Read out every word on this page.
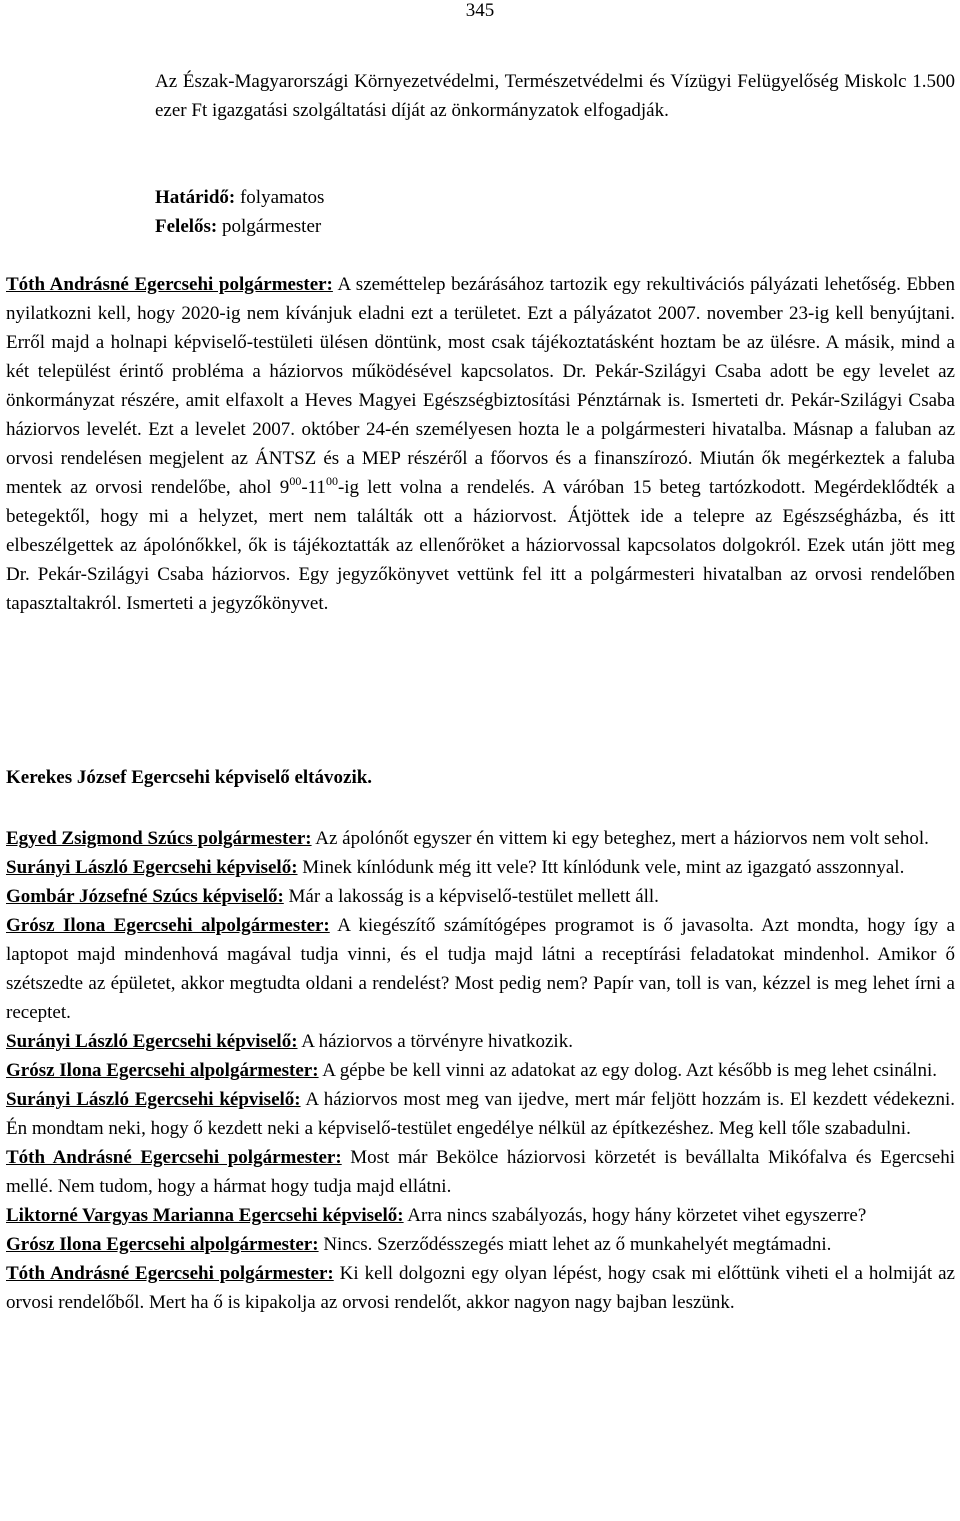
345
Az Észak-Magyarországi Környezetvédelmi, Természetvédelmi és Vízügyi Felügyelőség Miskolc 1.500 ezer Ft igazgatási szolgáltatási díját az önkormányzatok elfogadják.

Határidő: folyamatos

Felelős: polgármester

Tóth Andrásné Egercsehi polgármester: A szeméttelep bezárásához tartozik egy rekultivációs pályázati lehetőség. Ebben nyilatkozni kell, hogy 2020-ig nem kívánjuk eladni ezt a területet. Ezt a pályázatot 2007. november 23-ig kell benyújtani. Erről majd a holnapi képviselő-testületi ülésen döntünk, most csak tájékoztatásként hoztam be az ülésre. A másik, mind a két települést érintő probléma a háziorvos működésével kapcsolatos. Dr. Pekár-Szilágyi Csaba adott be egy levelet az önkormányzat részére, amit elfaxolt a Heves Magyei Egészségbiztosítási Pénztárnak is. Ismerteti dr. Pekár-Szilágyi Csaba háziorvos levelét. Ezt a levelet 2007. október 24-én személyesen hozta le a polgármesteri hivatalba. Másnap a faluban az orvosi rendelésen megjelent az ÁNTSZ és a MEP részéről a főorvos és a finanszírozó. Miután ők megérkeztek a faluba mentek az orvosi rendelőbe, ahol $9^{00}-11^{00}-ig$ lett volna a rendelés. A váróban 15 beteg tartózkodott. Megérdeklődték a betegektől, hogy mi a helyzet, mert nem találták ott a háziorvost. Átjöttek ide a telepre az Egészségházba, és itt elbeszélgettek az ápolónőkkel, ők is tájékoztatták az ellenőröket a háziorvossal kapcsolatos dolgokról. Ezek után jött meg Dr. Pekár-Szilágyi Csaba háziorvos. Egy jegyzőkönyvet vettünk fel itt a polgármesteri hivatalban az orvosi rendelőben tapasztaltakról. Ismerteti a jegyzőkönyvet.
Kerekes József Egercsehi képviselő eltávozik.

Egyed Zsigmond Szúcs polgármester: Az ápolónőt egyszer én vittem ki egy beteghez, mert a háziorvos nem volt sehol.

Surányi László Egercsehi képviselő: Minek kínlódunk még itt vele? Itt kínlódunk vele, mint az igazgató asszonnyal.

Gombár Józsefné Szúcs képviselő: Már a lakosság is a képviselő-testület mellett áll.

Grósz Ilona Egercsehi alpolgármester: A kiegészítő számítógépes programot is ő javasolta. Azt mondta, hogy így a laptopot majd mindenhová magával tudja vinni, és el tudja majd látni a receptírási feladatokat mindenhol. Amikor ő szétszedte az épületet, akkor megtudta oldani a rendelést? Most pedig nem? Papír van, toll is van, kézzel is meg lehet írni a receptet.

Surányi László Egercsehi képviselő: A háziorvos a törvényre hivatkozik.

Grósz Ilona Egercsehi alpolgármester: A gépbe be kell vinni az adatokat az egy dolog. Azt később is meg lehet csinálni.

Surányi László Egercsehi képviselő: A háziorvos most meg van ijedve, mert már feljött hozzám is. El kezdett védekezni. Én mondtam neki, hogy ő kezdett neki a képviselő-testület engedélye nélkül az építkezéshez. Meg kell tőle szabadulni.

Tóth Andrásné Egercsehi polgármester: Most már Bekölce háziorvosi körzetét is bevállalta Mikófalva és Egercsehi mellé. Nem tudom, hogy a hármat hogy tudja majd ellátni.

Liktorné Vargyas Marianna Egercsehi képviselő: Arra nincs szabályozás, hogy hány körzetet vihet egyszerre?

Grósz Ilona Egercsehi alpolgármester: Nincs. Szerződésszegés miatt lehet az ő munkahelyét megtámadni.

Tóth Andrásné Egercsehi polgármester: Ki kell dolgozni egy olyan lépést, hogy csak mi előttünk viheti el a holmiját az orvosi rendelőből. Mert ha ő is kipakolja az orvosi rendelőt, akkor nagyon nagy bajban leszünk.
